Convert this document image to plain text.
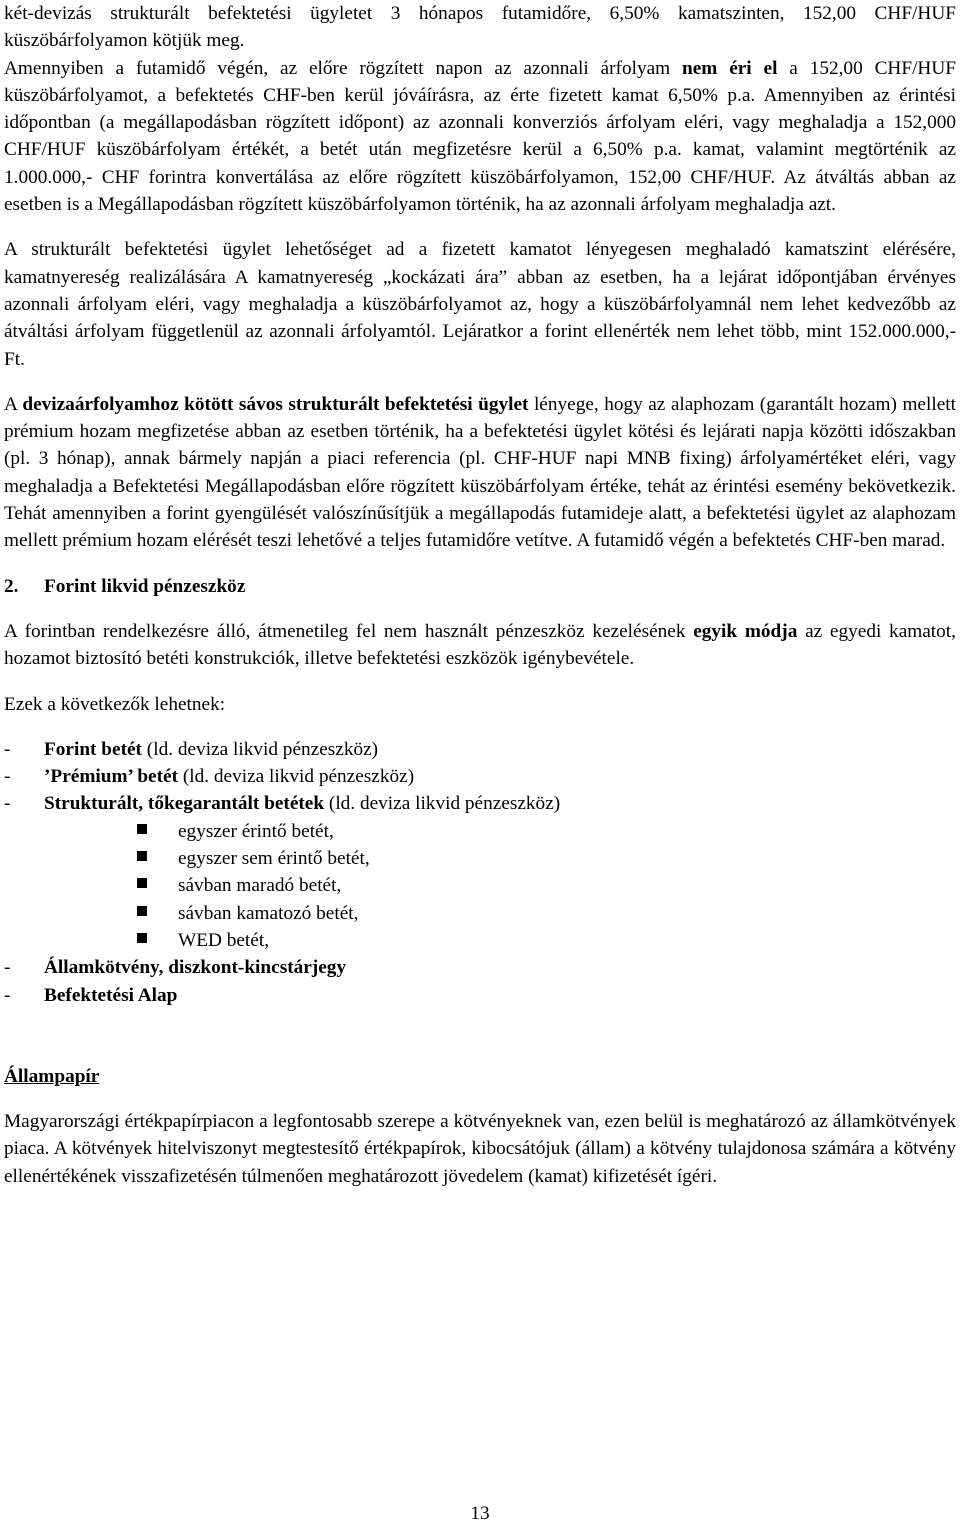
két-devizás strukturált befektetési ügyletet 3 hónapos futamidőre, 6,50% kamatszinten, 152,00 CHF/HUF küszöbárfolyamon kötjük meg.

Amennyiben a futamidő végén, az előre rögzített napon az azonnali árfolyam nem éri el a 152,00 CHF/HUF küszöbárfolyamot, a befektetés CHF-ben kerül jóváírásra, az érte fizetett kamat 6,50% p.a. Amennyiben az érintési időpontban (a megállapodásban rögzített időpont) az azonnali konverziós árfolyam eléri, vagy meghaladja a 152,000 CHF/HUF küszöbárfolyam értékét, a betét után megfizetésre kerül a 6,50% p.a. kamat, valamint megtörténik az 1.000.000,- CHF forintra konvertálása az előre rögzített küszöbárfolyamon, 152,00 CHF/HUF. Az átváltás abban az esetben is a Megállapodásban rögzített küszöbárfolyamon történik, ha az azonnali árfolyam meghaladja azt.

A strukturált befektetési ügylet lehetőséget ad a fizetett kamatot lényegesen meghaladó kamatszint elérésére, kamatnyereség realizálására A kamatnyereség „kockázati ára” abban az esetben, ha a lejárat időpontjában érvényes azonnali árfolyam eléri, vagy meghaladja a küszöbárfolyamot az, hogy a küszöbárfolyamnál nem lehet kedvezőbb az átváltási árfolyam függetlenül az azonnali árfolyamtól. Lejáratkor a forint ellenérték nem lehet több, mint 152.000.000,- Ft.

A devizaárfolyamhoz kötött sávos strukturált befektetési ügylet lényege, hogy az alaphozam (garantált hozam) mellett prémium hozam megfizetése abban az esetben történik, ha a befektetési ügylet kötési és lejárati napja közötti időszakban (pl. 3 hónap), annak bármely napján a piaci referencia (pl. CHF-HUF napi MNB fixing) árfolyamértéket eléri, vagy meghaladja a Befektetési Megállapodásban előre rögzített küszöbárfolyam értéke, tehát az érintési esemény bekövetkezik. Tehát amennyiben a forint gyengülését valószínűsítjük a megállapodás futamideje alatt, a befektetési ügylet az alaphozam mellett prémium hozam elérését teszi lehetővé a teljes futamidőre vetítve. A futamidő végén a befektetés CHF-ben marad.

2. Forint likvid pénzeszköz

A forintban rendelkezésre álló, átmenetileg fel nem használt pénzeszköz kezelésének egyik módja az egyedi kamatot, hozamot biztosító betéti konstrukciók, illetve befektetési eszközök igénybevétele.

Ezek a következők lehetnek:

-	Forint betét (ld. deviza likvid pénzeszköz)
-	’Prémium’ betét (ld. deviza likvid pénzeszköz)
-	Strukturált, tőkegarantált betétek (ld. deviza likvid pénzeszköz)
egyszer érintő betét,
egyszer sem érintő betét,
sávban maradó betét,
sávban kamatozó betét,
WED betét,
-	Államkötvény, diszkont-kincstárjegy
-	Befektetési Alap

Állampapír

Magyarországi értékpapírpiacon a legfontosabb szerepe a kötvényeknek van, ezen belül is meghatározó az államkötvények piaca. A kötvények hitelviszonyt megtestesítő értékpapírok, kibocsátójuk (állam) a kötvény tulajdonosa számára a kötvény ellenértékének visszafizetésén túlmenően meghatározott jövedelem (kamat) kifizetését ígéri.

13
